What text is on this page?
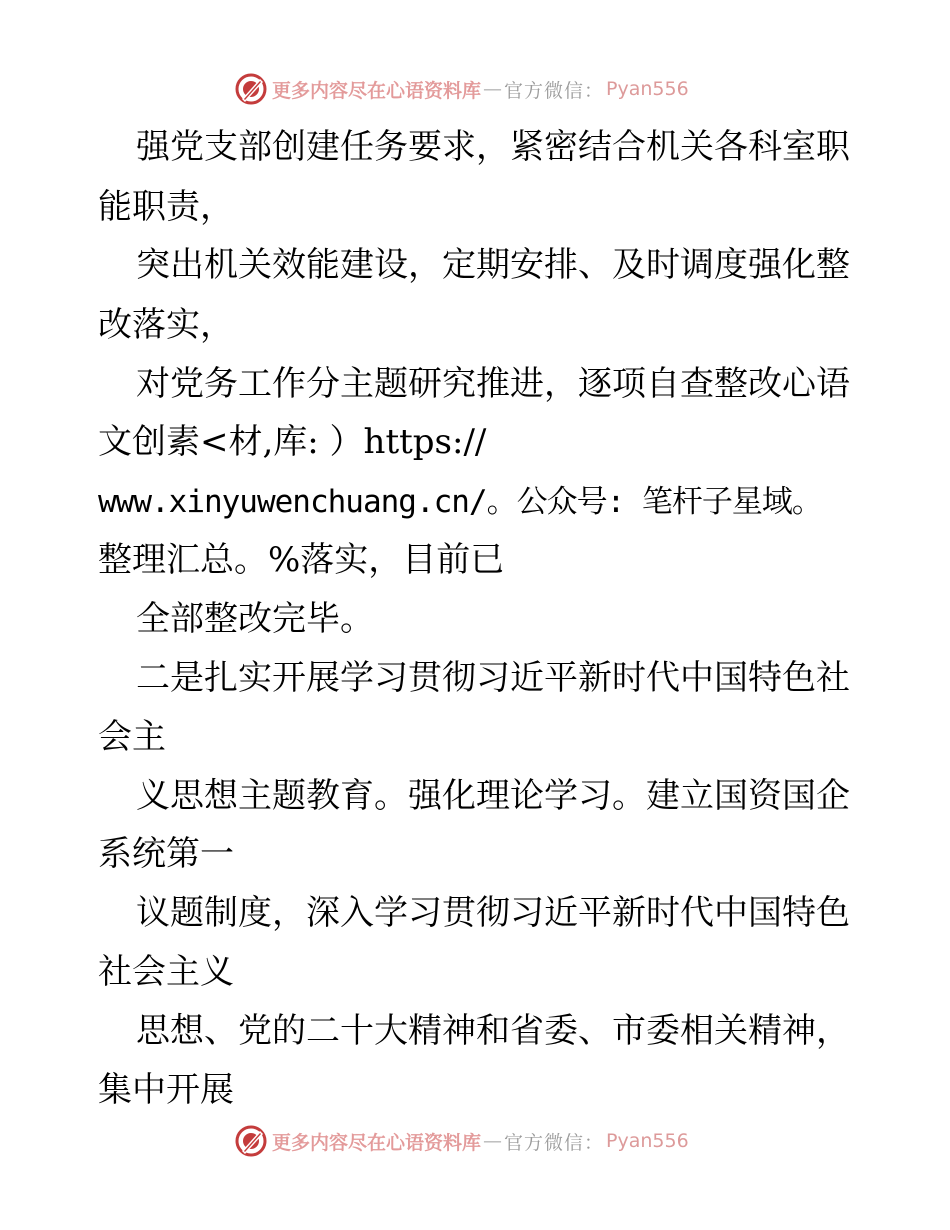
更多内容尽在心语资料库 — 官方微信： Pyan556
强党支部创建任务要求，紧密结合机关各科室职
能职责，
突出机关效能建设，定期安排、及时调度强化整
改落实，
对党务工作分主题研究推进，逐项自查整改心语
文创素<材,库: ）https://
www.xinyuwenchuang.cn/。公众号: 笔杆子星域。
整理汇总。%落实，目前已
全部整改完毕。
二是扎实开展学习贯彻习近平新时代中国特色社
会主
义思想主题教育。强化理论学习。建立国资国企
系统第一
议题制度，深入学习贯彻习近平新时代中国特色
社会主义
思想、党的二十大精神和省委、市委相关精神，
集中开展
更多内容尽在心语资料库 — 官方微信： Pyan556
